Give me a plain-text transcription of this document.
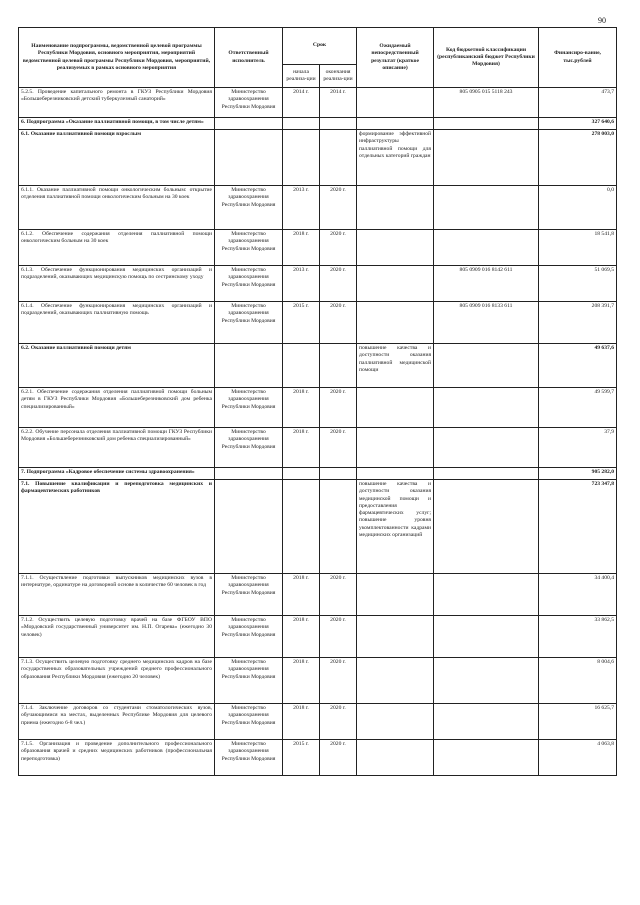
90
Наименование подпрограммы, ведомственной целевой программы Республики Мордовия, основного мероприятия, мероприятий ведомственной целевой программы Республики Мордовия, мероприятий, реализуемых в рамках основного мероприятия	Ответственный исполнитель	Срок		Ожидаемый непосредственный результат (краткое описание)	Код бюджетной классификации (республиканский бюджет Республики Мордовия)	Финансиро-вание, тыс.рублей
		начала реализа-ции	окончания реализа-ции			
5.2.5. Проведение капитального ремонта в ГКУЗ Республики Мордовия «Большеберезниковский детский туберкулезный санаторий»	Министерство здравоохранения Республики Мордовия	2014 г.	2014 г.		805 0905 015 5118 243	473,7
6. Подпрограмма «Оказание паллиативной помощи, в том числе детям»						327 640,6
6.1. Оказание паллиативной помощи взрослым				формирование эффективной инфраструктуры паллиативной помощи для отдельных категорий граждан		278 003,0
6.1.1. Оказание паллиативной помощи онкологическим больным: открытие отделения паллиативной помощи онкологическим больным на 30 коек	Министерство здравоохранения Республики Мордовия	2013 г.	2020 г.			0,0
6.1.2. Обеспечение содержания отделения паллиативной помощи онкологическим больным на 30 коек	Министерство здравоохранения Республики Мордовия	2018 г.	2020 г.			18 541,8
6.1.3. Обеспечение функционирования медицинских организаций и подразделений, оказывающих медицинскую помощь по сестринскому уходу	Министерство здравоохранения Республики Мордовия	2013 г.	2020 г.		805 0909 016 8142 611	51 069,5
6.1.4. Обеспечение функционирования медицинских организаций и подразделений, оказывающих паллиативную помощь	Министерство здравоохранения Республики Мордовия	2015 г.	2020 г.		805 0909 016 8133 611	208 391,7
6.2. Оказание паллиативной помощи детям				повышение качества и доступности оказания паллиативной медицинской помощи		49 637,6
6.2.1. Обеспечение содержания отделения паллиативной помощи больным детям в ГКУЗ Республики Мордовия «Большеберезниковский дом ребенка специализированный»	Министерство здравоохранения Республики Мордовия	2018 г.	2020 г.			49 599,7
6.2.2. Обучение персонала отделения паллиативной помощи ГКУЗ Республики Мордовия «Большеберезниковский дом ребенка специализированный»	Министерство здравоохранения Республики Мордовия	2018 г.	2020 г.			37,9
7. Подпрограмма «Кадровое обеспечение системы здравоохранения»						905 282,0
7.1. Повышение квалификации и переподготовка медицинских и фармацевтических работников				повышение качества и доступности оказания медицинской помощи и предоставления фармацевтических услуг; повышение уровня укомплектованности кадрами медицинских организаций		723 347,8
7.1.1. Осуществление подготовки выпускников медицинских вузов в интернатуре, ординатуре на договорной основе в количестве 60 человек в год	Министерство здравоохранения Республики Мордовия	2018 г.	2020 г.			34 400,4
7.1.2. Осуществить целевую подготовку врачей на базе ФГБОУ ВПО «Мордовский государственный университет им. Н.П. Огарева» (ежегодно 30 человек)	Министерство здравоохранения Республики Мордовия	2018 г.	2020 г.			33 862,5
7.1.3. Осуществить целевую подготовку среднего медицинских кадров на базе государственных образовательных учреждений среднего профессионального образования Республики Мордовия (ежегодно 20 человек)	Министерство здравоохранения Республики Мордовия	2018 г.	2020 г.			8 004,6
7.1.4. Заключение договоров со студентами стоматологических вузов, обучающимися на местах, выделенных Республике Мордовия для целевого приема (ежегодно 6-8 чел.)	Министерство здравоохранения Республики Мордовия	2018 г.	2020 г.			16 625,7
7.1.5. Организация и проведение дополнительного профессионального образования врачей и средних медицинских работников (профессиональная переподготовка)	Министерство здравоохранения Республики Мордовия	2015 г.	2020 г.			4 063,8
